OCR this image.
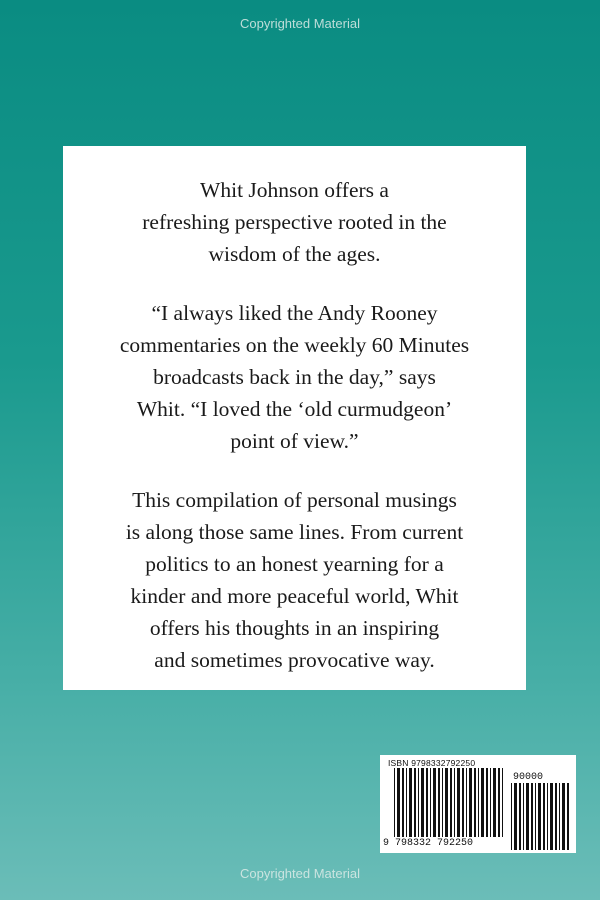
Copyrighted Material

Whit Johnson offers a
refreshing perspective rooted in the
wisdom of the ages.

“I always liked the Andy Rooney
commentaries on the weekly 60 Minutes
broadcasts back in the day,” says
Whit. “I loved the ‘old curmudgeon’
point of view.”

This compilation of personal musings
is along those same lines. From current
politics to an honest yearning for a
kinder and more peaceful world, Whit
offers his thoughts in an inspiring
and sometimes provocative way.

ISBN 9798332792250
90000
9 798332 792250
Copyrighted Material
